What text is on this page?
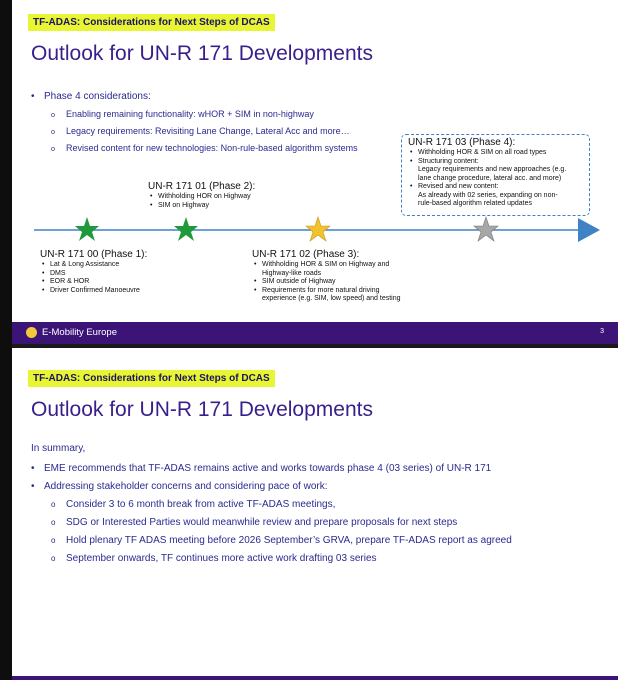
TF-ADAS: Considerations for Next Steps of DCAS
Outlook for UN-R 171 Developments
• Phase 4 considerations:
o Enabling remaining functionality: wHOR + SIM in non-highway
o Legacy requirements: Revisiting Lane Change, Lateral Acc and more…
o Revised content for new technologies: Non-rule-based algorithm systems
UN-R 171 01 (Phase 2):
• Withholding HOR on Highway
• SIM on Highway
UN-R 171 03 (Phase 4):
• Withholding HOR & SIM on all road types
• Structuring content:
Legacy requirements and new approaches (e.g.
lane change procedure, lateral acc. and more)
• Revised and new content:
As already with 02 series, expanding on non-
rule-based algorithm related updates
UN-R 171 00 (Phase 1):
• Lat & Long Assistance
• DMS
• EOR & HOR
• Driver Confirmed Manoeuvre
UN-R 171 02 (Phase 3):
• Withholding HOR & SIM on Highway and
Highway-like roads
• SIM outside of Highway
• Requirements for more natural driving
experience (e.g. SIM, low speed) and testing
E-Mobility Europe	3
TF-ADAS: Considerations for Next Steps of DCAS
Outlook for UN-R 171 Developments
In summary,
• EME recommends that TF-ADAS remains active and works towards phase 4 (03 series) of UN-R 171
• Addressing stakeholder concerns and considering pace of work:
o Consider 3 to 6 month break from active TF-ADAS meetings,
o SDG or Interested Parties would meanwhile review and prepare proposals for next steps
o Hold plenary TF ADAS meeting before 2026 September’s GRVA, prepare TF-ADAS report as agreed
o September onwards, TF continues more active work drafting 03 series
